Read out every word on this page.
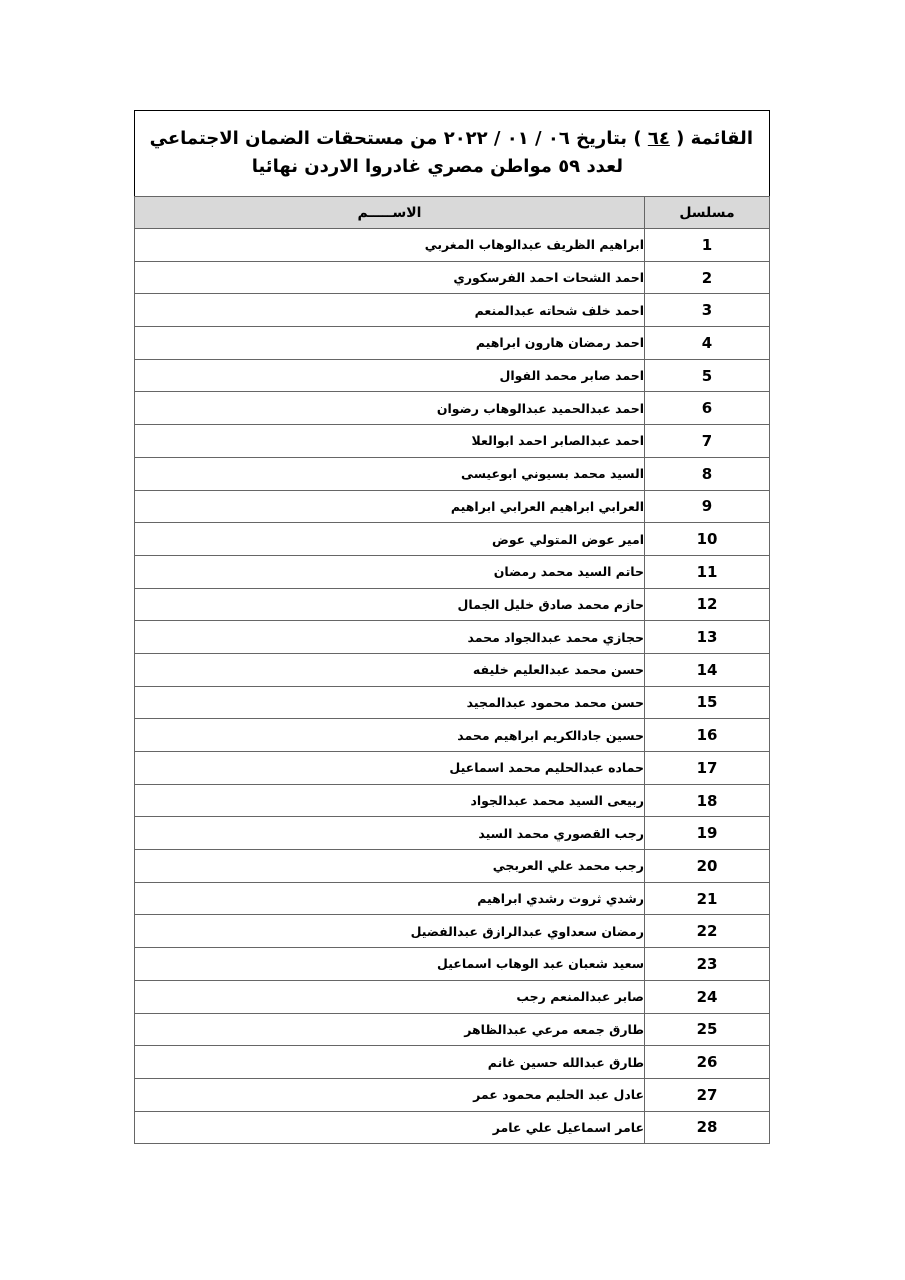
القائمة ( ٦٤ ) بتاريخ ٠٦ / ٠١ / ٢٠٢٢ من مستحقات الضمان الاجتماعي
لعدد ٥٩ مواطن مصري غادروا الاردن نهائيا
مسلسل	الاســـــم
1	ابراهيم الظريف عبدالوهاب المغربي
2	احمد الشحات احمد الفرسكوري
3	احمد خلف شحاته عبدالمنعم
4	احمد رمضان هارون ابراهيم
5	احمد صابر محمد الفوال
6	احمد عبدالحميد عبدالوهاب رضوان
7	احمد عبدالصابر احمد ابوالعلا
8	السيد محمد بسيوني ابوعيسى
9	العرابي ابراهيم العرابي ابراهيم
10	امير عوض المتولي عوض
11	حاتم السيد محمد رمضان
12	حازم محمد صادق خليل الجمال
13	حجازي محمد عبدالجواد محمد
14	حسن محمد عبدالعليم خليفه
15	حسن محمد محمود عبدالمجيد
16	حسين جادالكريم ابراهيم محمد
17	حماده عبدالحليم محمد اسماعيل
18	ربيعى السيد محمد عبدالجواد
19	رجب القصوري محمد السيد
20	رجب محمد علي العربجي
21	رشدي ثروت رشدي ابراهيم
22	رمضان سعداوي عبدالرازق عبدالفضيل
23	سعيد شعبان عبد الوهاب اسماعيل
24	صابر عبدالمنعم رجب
25	طارق جمعه مرعي عبدالظاهر
26	طارق عبدالله حسين غانم
27	عادل عبد الحليم محمود عمر
28	عامر اسماعيل علي عامر
